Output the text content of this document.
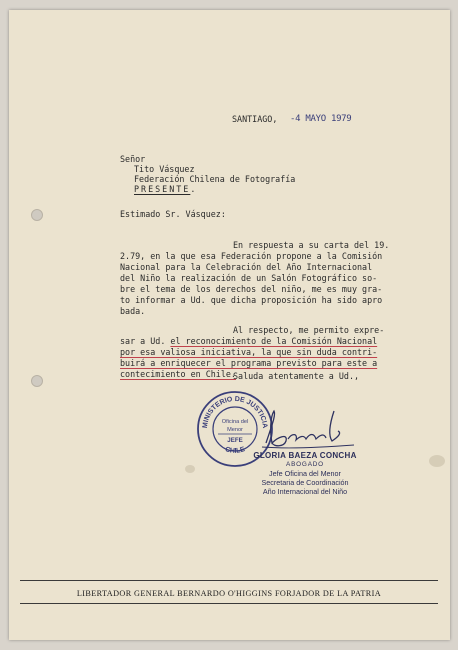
SANTIAGO, -4 MAYO 1979
Señor
Tito Vásquez
Federación Chilena de Fotografía
PRESENTE.
Estimado Sr. Vásquez:
En respuesta a su carta del 19.
2.79, en la que esa Federación propone a la Comisión
Nacional para la Celebración del Año Internacional
del Niño la realización de un Salón Fotográfico so-
bre el tema de los derechos del niño, me es muy gra-
to informar a Ud. que dicha proposición ha sido apro
bada.
Al respecto, me permito expre-
sar a Ud. el reconocimiento de la Comisión Nacional
por esa valiosa iniciativa, la que sin duda contri-
buirá a enriquecer el programa previsto para este a
contecimiento en Chile.
Saluda atentamente a Ud.,
MINISTERIO DE JUSTICIA
CHILE
Oficina del
Menor
JEFE
GLORIA BAEZA CONCHA
ABOGADO
Jefe Oficina del Menor
Secretaria de Coordinación
Año Internacional del Niño
LIBERTADOR GENERAL BERNARDO O'HIGGINS FORJADOR DE LA PATRIA
